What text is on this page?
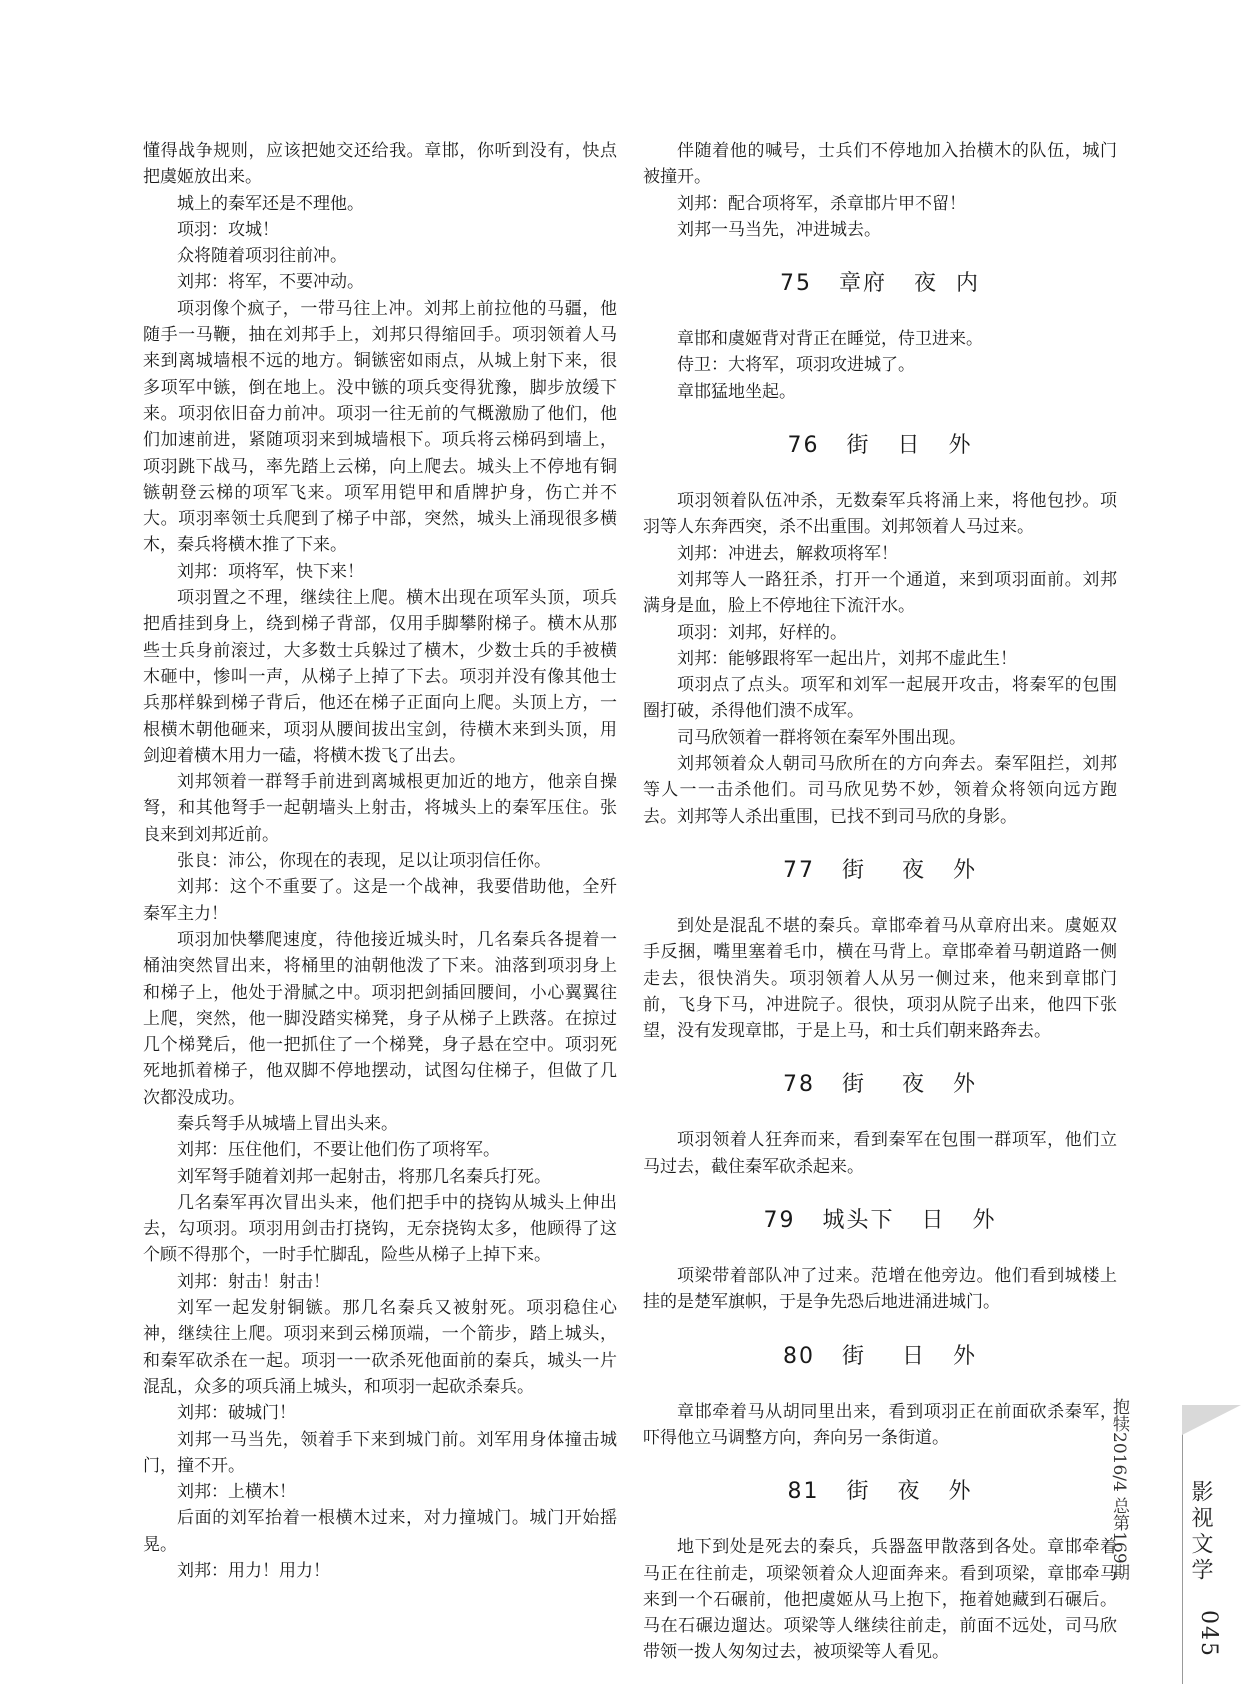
懂得战争规则，应该把她交还给我。章邯，你听到没有，快点把虞姬放出来。

城上的秦军还是不理他。

项羽：攻城！

众将随着项羽往前冲。

刘邦：将军，不要冲动。

项羽像个疯子，一带马往上冲。刘邦上前拉他的马疆，他随手一马鞭，抽在刘邦手上，刘邦只得缩回手。项羽领着人马来到离城墙根不远的地方。铜镞密如雨点，从城上射下来，很多项军中镞，倒在地上。没中镞的项兵变得犹豫，脚步放缓下来。项羽依旧奋力前冲。项羽一往无前的气概激励了他们，他们加速前进，紧随项羽来到城墙根下。项兵将云梯码到墙上，项羽跳下战马，率先踏上云梯，向上爬去。城头上不停地有铜镞朝登云梯的项军飞来。项军用铠甲和盾牌护身，伤亡并不大。项羽率领士兵爬到了梯子中部，突然，城头上涌现很多横木，秦兵将横木推了下来。

刘邦：项将军，快下来！

项羽置之不理，继续往上爬。横木出现在项军头顶，项兵把盾挂到身上，绕到梯子背部，仅用手脚攀附梯子。横木从那些士兵身前滚过，大多数士兵躲过了横木，少数士兵的手被横木砸中，惨叫一声，从梯子上掉了下去。项羽并没有像其他士兵那样躲到梯子背后，他还在梯子正面向上爬。头顶上方，一根横木朝他砸来，项羽从腰间拔出宝剑，待横木来到头顶，用剑迎着横木用力一磕，将横木拨飞了出去。

刘邦领着一群弩手前进到离城根更加近的地方，他亲自操弩，和其他弩手一起朝墙头上射击，将城头上的秦军压住。张良来到刘邦近前。

张良：沛公，你现在的表现，足以让项羽信任你。

刘邦：这个不重要了。这是一个战神，我要借助他，全歼秦军主力！

项羽加快攀爬速度，待他接近城头时，几名秦兵各提着一桶油突然冒出来，将桶里的油朝他泼了下来。油落到项羽身上和梯子上，他处于滑腻之中。项羽把剑插回腰间，小心翼翼往上爬，突然，他一脚没踏实梯凳，身子从梯子上跌落。在掠过几个梯凳后，他一把抓住了一个梯凳，身子悬在空中。项羽死死地抓着梯子，他双脚不停地摆动，试图勾住梯子，但做了几次都没成功。

秦兵弩手从城墙上冒出头来。

刘邦：压住他们，不要让他们伤了项将军。

刘军弩手随着刘邦一起射击，将那几名秦兵打死。

几名秦军再次冒出头来，他们把手中的挠钩从城头上伸出去，勾项羽。项羽用剑击打挠钩，无奈挠钩太多，他顾得了这个顾不得那个，一时手忙脚乱，险些从梯子上掉下来。

刘邦：射击！射击！

刘军一起发射铜镞。那几名秦兵又被射死。项羽稳住心神，继续往上爬。项羽来到云梯顶端，一个箭步，踏上城头，和秦军砍杀在一起。项羽一一砍杀死他面前的秦兵，城头一片混乱，众多的项兵涌上城头，和项羽一起砍杀秦兵。

刘邦：破城门！

刘邦一马当先，领着手下来到城门前。刘军用身体撞击城门，撞不开。

刘邦：上横木！

后面的刘军抬着一根横木过来，对力撞城门。城门开始摇晃。

刘邦：用力！用力！

伴随着他的喊号，士兵们不停地加入抬横木的队伍，城门被撞开。

刘邦：配合项将军，杀章邯片甲不留！

刘邦一马当先，冲进城去。

75   章府   夜  内

章邯和虞姬背对背正在睡觉，侍卫进来。

侍卫：大将军，项羽攻进城了。

章邯猛地坐起。

76   街   日   外

项羽领着队伍冲杀，无数秦军兵将涌上来，将他包抄。项羽等人东奔西突，杀不出重围。刘邦领着人马过来。

刘邦：冲进去，解救项将军！

刘邦等人一路狂杀，打开一个通道，来到项羽面前。刘邦满身是血，脸上不停地往下流汗水。

项羽：刘邦，好样的。

刘邦：能够跟将军一起出片，刘邦不虚此生！

项羽点了点头。项军和刘军一起展开攻击，将秦军的包围圈打破，杀得他们溃不成军。

司马欣领着一群将领在秦军外围出现。

刘邦领着众人朝司马欣所在的方向奔去。秦军阻拦，刘邦等人一一击杀他们。司马欣见势不妙，领着众将领向远方跑去。刘邦等人杀出重围，已找不到司马欣的身影。

77   街    夜   外

到处是混乱不堪的秦兵。章邯牵着马从章府出来。虞姬双手反捆，嘴里塞着毛巾，横在马背上。章邯牵着马朝道路一侧走去，很快消失。项羽领着人从另一侧过来，他来到章邯门前，飞身下马，冲进院子。很快，项羽从院子出来，他四下张望，没有发现章邯，于是上马，和士兵们朝来路奔去。

78   街    夜   外

项羽领着人狂奔而来，看到秦军在包围一群项军，他们立马过去，截住秦军砍杀起来。

79   城头下   日   外

项梁带着部队冲了过来。范增在他旁边。他们看到城楼上挂的是楚军旗帜，于是争先恐后地进涌进城门。

80   街    日   外

章邯牵着马从胡同里出来，看到项羽正在前面砍杀秦军，吓得他立马调整方向，奔向另一条街道。

81   街   夜   外

地下到处是死去的秦兵，兵器盔甲散落到各处。章邯牵着马正在往前走，项梁领着众人迎面奔来。看到项梁，章邯牵马来到一个石碾前，他把虞姬从马上抱下，拖着她藏到石碾后。马在石碾边遛达。项梁等人继续往前走，前面不远处，司马欣带领一拨人匆匆过去，被项梁等人看见。

抱犊2016/4 总第169期	影视文学
045
